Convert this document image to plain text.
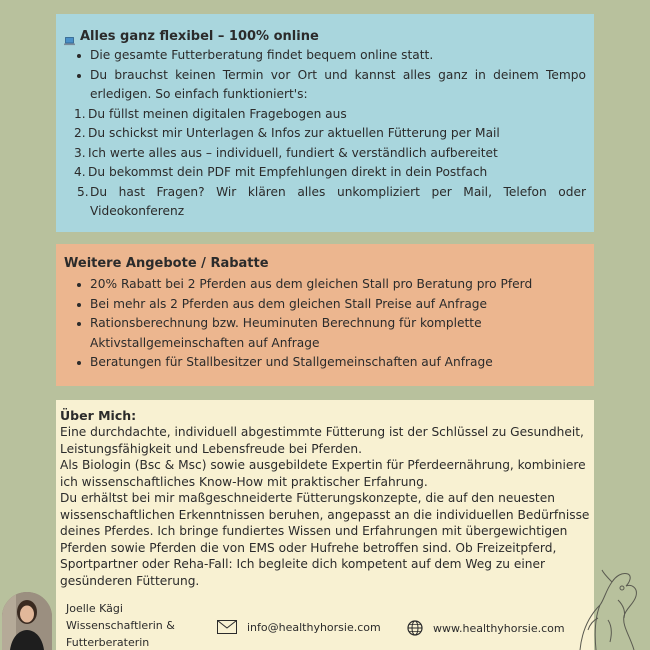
Alles ganz flexibel – 100% online
Die gesamte Futterberatung findet bequem online statt.
Du brauchst keinen Termin vor Ort und kannst alles ganz in deinem Tempo erledigen. So einfach funktioniert's:
1. Du füllst meinen digitalen Fragebogen aus
2. Du schickst mir Unterlagen & Infos zur aktuellen Fütterung per Mail
3. Ich werte alles aus – individuell, fundiert & verständlich aufbereitet
4. Du bekommst dein PDF mit Empfehlungen direkt in dein Postfach
5. Du hast Fragen? Wir klären alles unkompliziert per Mail, Telefon oder Videokonferenz
Weitere Angebote / Rabatte
20% Rabatt bei 2 Pferden aus dem gleichen Stall pro Beratung pro Pferd
Bei mehr als 2 Pferden aus dem gleichen Stall Preise auf Anfrage
Rationsberechnung bzw. Heuminuten Berechnung für komplette Aktivstallgemeinschaften auf Anfrage
Beratungen für Stallbesitzer und Stallgemeinschaften auf Anfrage
Über Mich:

Eine durchdachte, individuell abgestimmte Fütterung ist der Schlüssel zu Gesundheit, Leistungsfähigkeit und Lebensfreude bei Pferden.

Als Biologin (Bsc & Msc) sowie ausgebildete Expertin für Pferdeernährung, kombiniere ich wissenschaftliches Know-How mit praktischer Erfahrung.

Du erhältst bei mir maßgeschneiderte Fütterungskonzepte, die auf den neuesten wissenschaftlichen Erkenntnissen beruhen, angepasst an die individuellen Bedürfnisse deines Pferdes. Ich bringe fundiertes Wissen und Erfahrungen mit übergewichtigen Pferden sowie Pferden die von EMS oder Hufrehe betroffen sind. Ob Freizeitpferd, Sportpartner oder Reha-Fall: Ich begleite dich kompetent auf dem Weg zu einer gesünderen Fütterung.

Joelle Kägi
Wissenschaftlerin &
Futterberaterin
info@healthyhorsie.com	www.healthyhorsie.com
